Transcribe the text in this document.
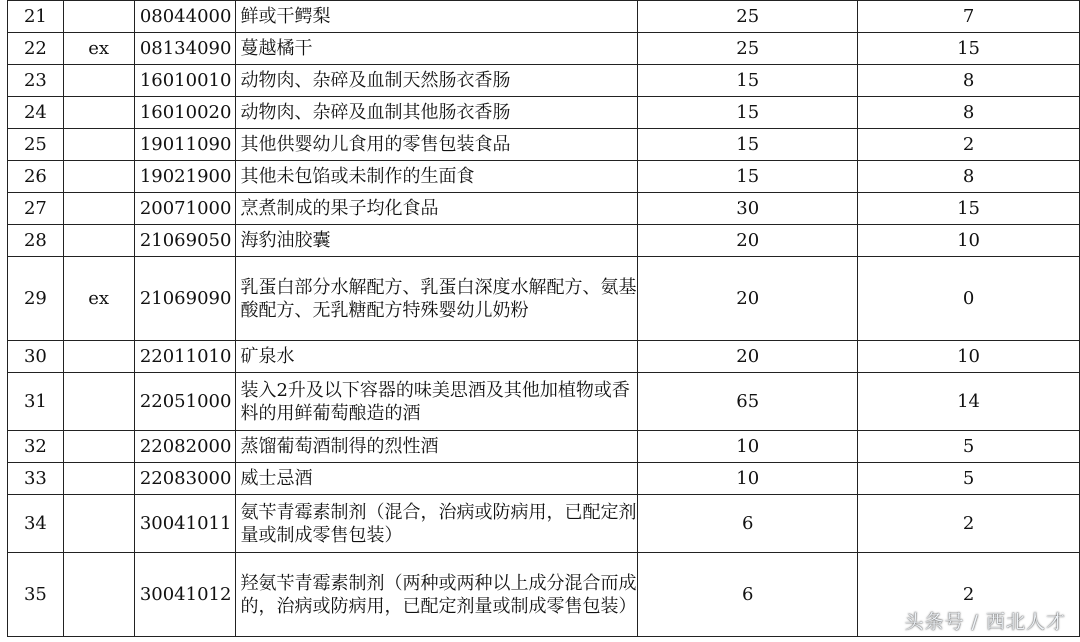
21		08044000	鲜或干鳄梨	25	7
22	ex	08134090	蔓越橘干	25	15
23		16010010	动物肉、杂碎及血制天然肠衣香肠	15	8
24		16010020	动物肉、杂碎及血制其他肠衣香肠	15	8
25		19011090	其他供婴幼儿食用的零售包装食品	15	2
26		19021900	其他未包馅或未制作的生面食	15	8
27		20071000	烹煮制成的果子均化食品	30	15
28		21069050	海豹油胶囊	20	10
29	ex	21069090	乳蛋白部分水解配方、乳蛋白深度水解配方、氨基酸配方、无乳糖配方特殊婴幼儿奶粉	20	0
30		22011010	矿泉水	20	10
31		22051000	装入2升及以下容器的味美思酒及其他加植物或香料的用鲜葡萄酿造的酒	65	14
32		22082000	蒸馏葡萄酒制得的烈性酒	10	5
33		22083000	威士忌酒	10	5
34		30041011	氨苄青霉素制剂（混合，治病或防病用，已配定剂量或制成零售包装）	6	2
35		30041012	羟氨苄青霉素制剂（两种或两种以上成分混合而成的，治病或防病用，已配定剂量或制成零售包装）	6	2
头条号 / 西北人才
